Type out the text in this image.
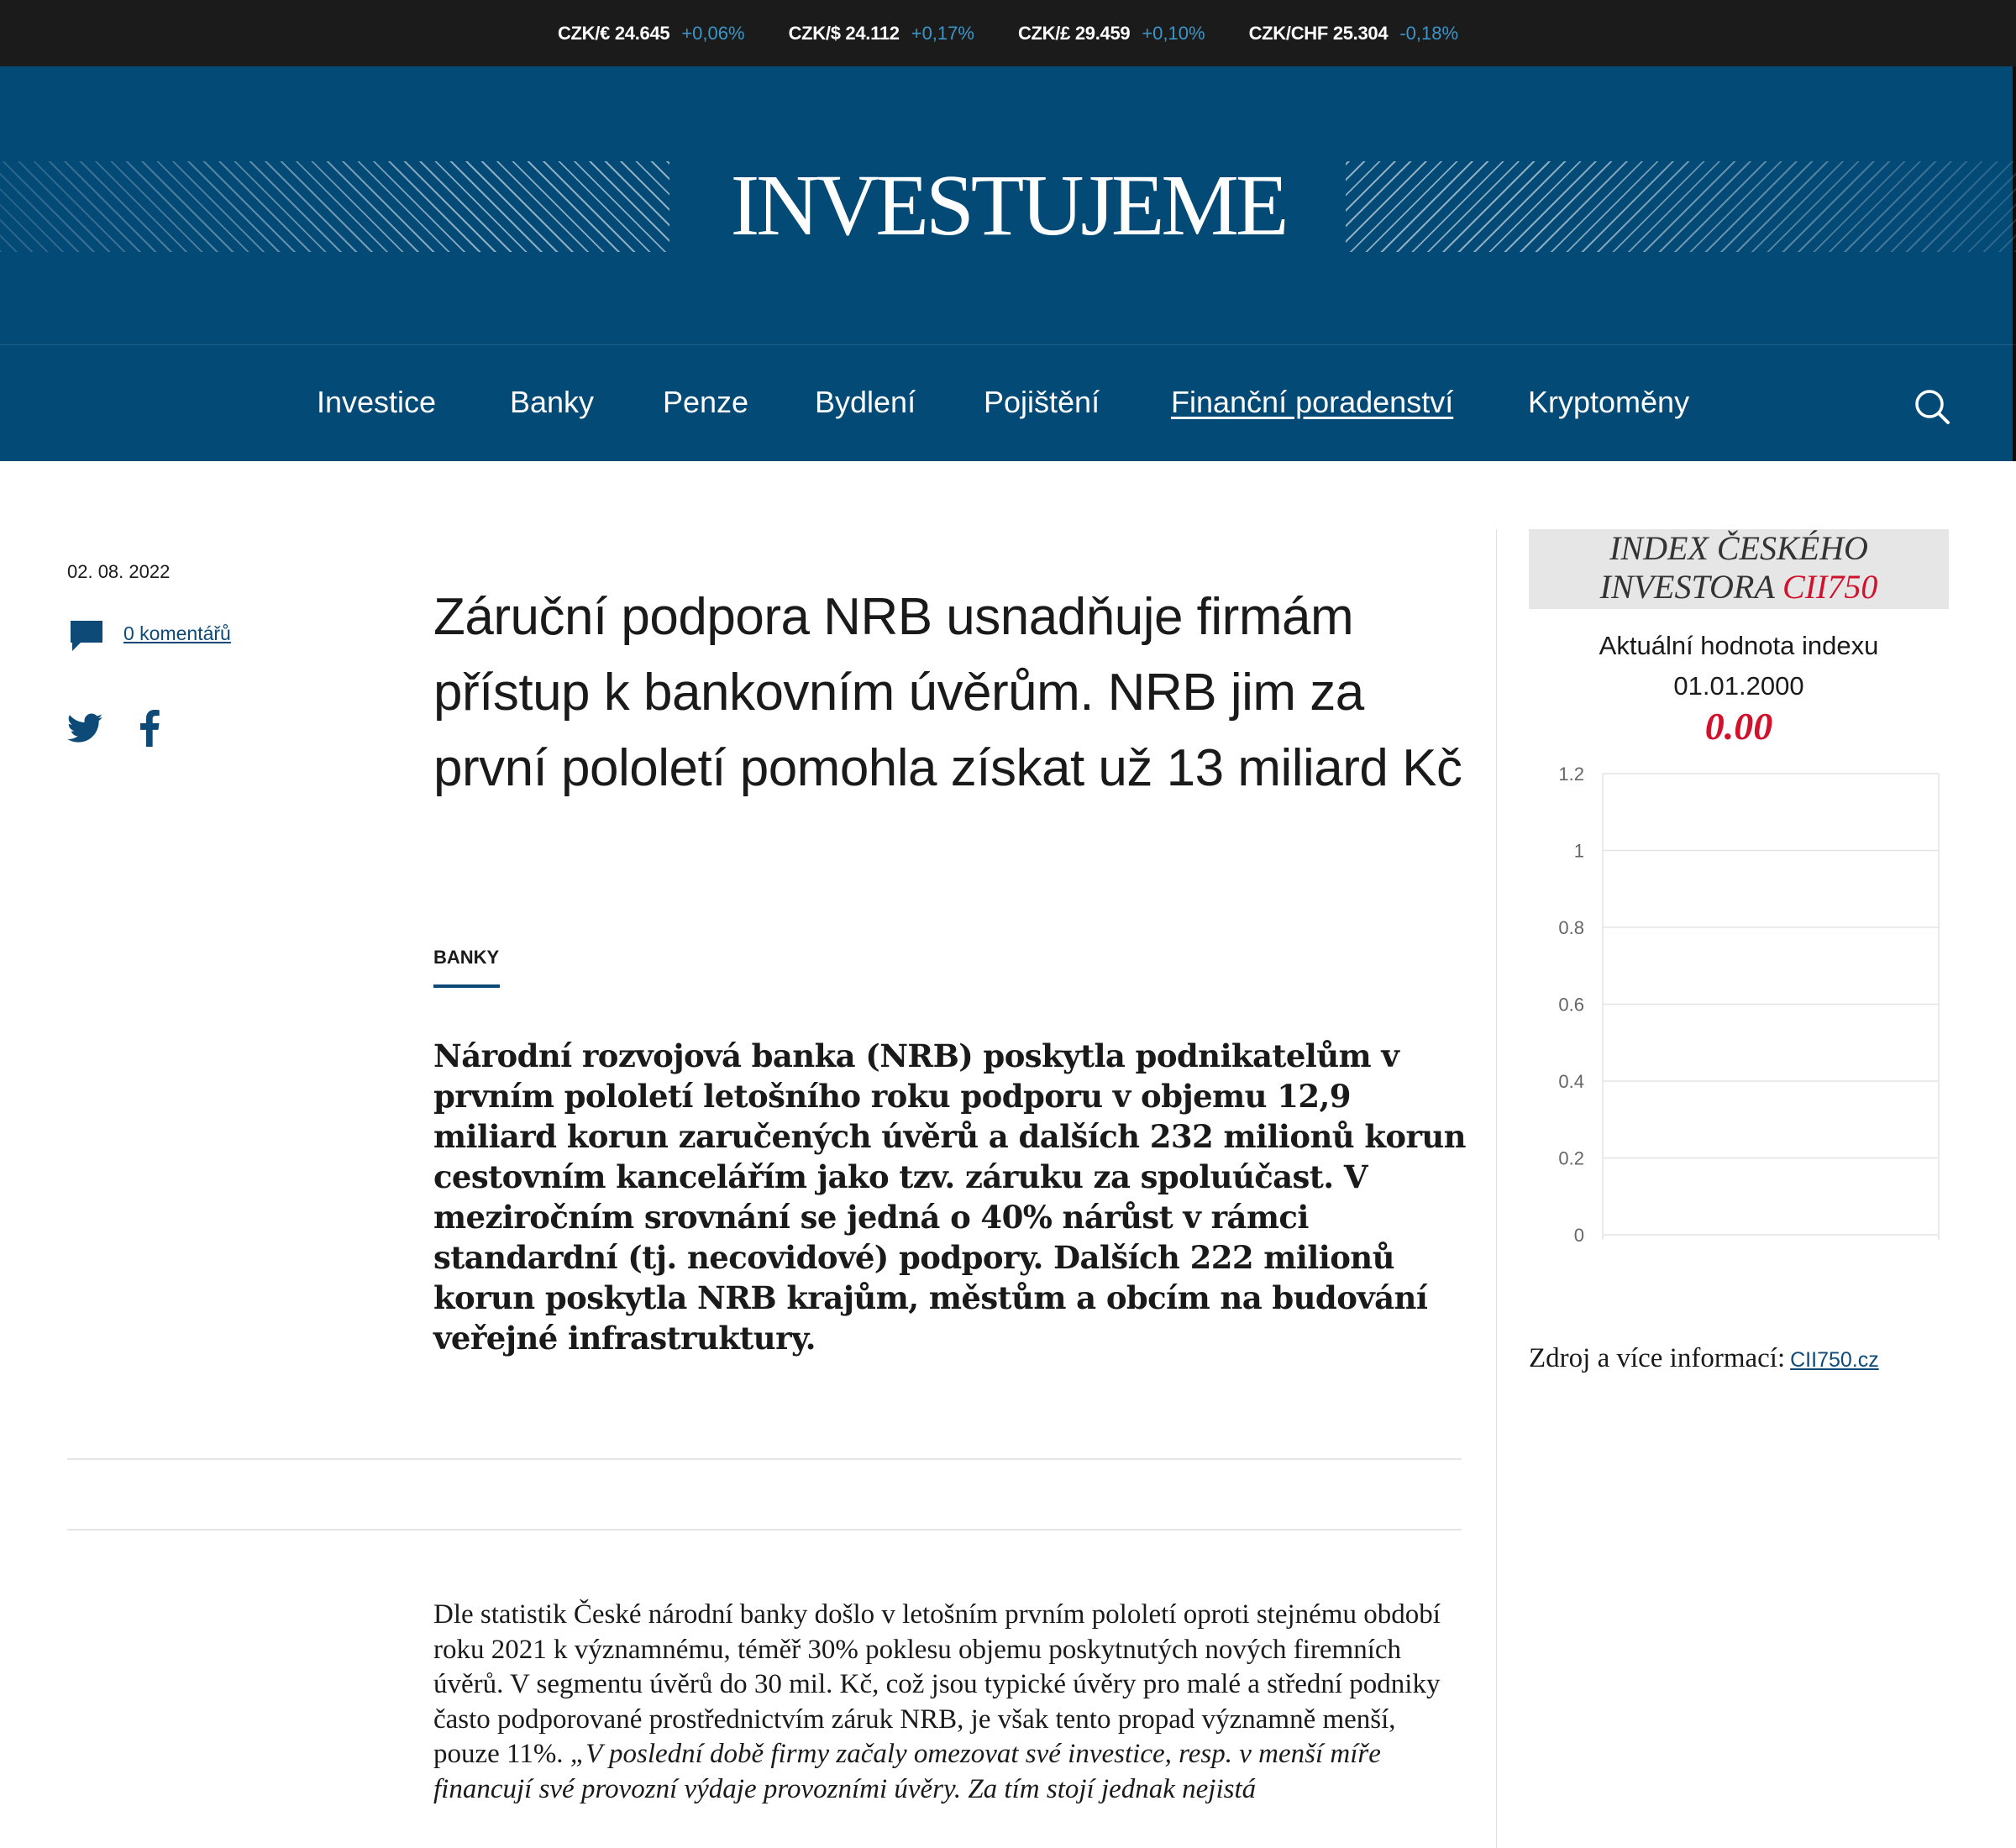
CZK/€ 24.645 +0,06% CZK/$ 24.112 +0,17% CZK/£ 29.459 +0,10% CZK/CHF 25.304 -0,18%
INVESTUJEME
Investice Banky Penze Bydlení Pojištění Finanční poradenství Kryptoměny
02. 08. 2022
0 komentářů	Záruční podpora NRB usnadňuje firmám přístup k bankovním úvěrům. NRB jim za první pololetí pomohla získat už 13 miliard Kč
BANKY

Národní rozvojová banka (NRB) poskytla podnikatelům v prvním pololetí letošního roku podporu v objemu 12,9 miliard korun zaručených úvěrů a dalších 232 milionů korun cestovním kancelářím jako tzv. záruku za spoluúčast. V meziročním srovnání se jedná o 40% nárůst v rámci standardní (tj. necovidové) podpory. Dalších 222 milionů korun poskytla NRB krajům, městům a obcím na budování veřejné infrastruktury.

Dle statistik České národní banky došlo v letošním prvním pololetí oproti stejnému období roku 2021 k významnému, téměř 30% poklesu objemu poskytnutých nových firemních úvěrů. V segmentu úvěrů do 30 mil. Kč, což jsou typické úvěry pro malé a střední podniky často podporované prostřednictvím záruk NRB, je však tento propad významně menší, pouze 11%. „V poslední době firmy začaly omezovat své investice, resp. v menší míře financují své provozní výdaje provozními úvěry. Za tím stojí jednak nejistá

INDEX ČESKÉHO
INVESTORA CII750
Aktuální hodnota indexu
01.01.2000
0.00
0
0.2
0.4
0.6
0.8
1
1.2
Zdroj a více informací: CII750.cz
